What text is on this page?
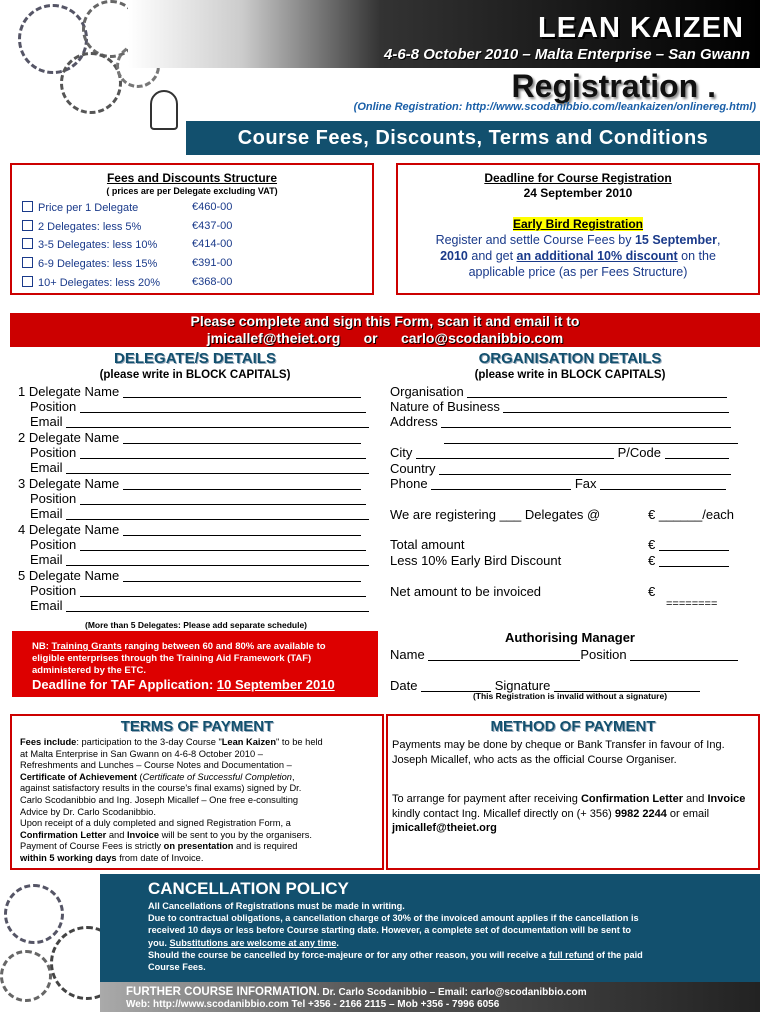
LEAN KAIZEN
4-6-8 October 2010 – Malta Enterprise – San Gwann
Registration .
(Online Registration: http://www.scodanibbio.com/leankaizen/onlinereg.html)
Course Fees, Discounts, Terms and Conditions
Fees and Discounts Structure
( prices are per Delegate excluding VAT)
Price per 1 Delegate	€460-00
2 Delegates: less 5%	€437-00
3-5 Delegates: less 10%	€414-00
6-9 Delegates: less 15%	€391-00
10+ Delegates: less 20%	€368-00
Deadline for Course Registration
24 September 2010
Early Bird Registration
Register and settle Course Fees by 15 September,
2010 and get an additional 10% discount on the
applicable price (as per Fees Structure)
Please complete and sign this Form, scan it and email it to
jmicallef@theiet.org or carlo@scodanibbio.com
DELEGATE/S DETAILS
(please write in BLOCK CAPITALS)
1 Delegate Name
Position
Email
2 Delegate Name
Position
Email
3 Delegate Name
Position
Email
4 Delegate Name
Position
Email
5 Delegate Name
Position
Email
(More than 5 Delegates: Please add separate schedule)
NB: Training Grants ranging between 60 and 80% are available to eligible enterprises through the Training Aid Framework (TAF) administered by the ETC.
Deadline for TAF Application: 10 September 2010
ORGANISATION DETAILS
(please write in BLOCK CAPITALS)
Organisation
Nature of Business
Address
City	P/Code
Country
Phone	Fax
We are registering ___ Delegates @	€ ______/each
Total amount	€
Less 10% Early Bird Discount	€
Net amount to be invoiced	€
========
Authorising Manager
Name	Position
Date	Signature
(This Registration is invalid without a signature)
TERMS OF PAYMENT
Fees include: participation to the 3-day Course "Lean Kaizen" to be held
at Malta Enterprise in San Gwann on 4-6-8 October 2010 –
Refreshments and Lunches – Course Notes and Documentation –
Certificate of Achievement (Certificate of Successful Completion,
against satisfactory results in the course's final exams) signed by Dr.
Carlo Scodanibbio and Ing. Joseph Micallef – One free e-consulting
Advice by Dr. Carlo Scodanibbio.
Upon receipt of a duly completed and signed Registration Form, a
Confirmation Letter and Invoice will be sent to you by the organisers.
Payment of Course Fees is strictly on presentation and is required
within 5 working days from date of Invoice.
METHOD OF PAYMENT
Payments may be done by cheque or Bank Transfer in favour of Ing. Joseph Micallef, who acts as the official Course Organiser.
To arrange for payment after receiving Confirmation Letter and Invoice kindly contact Ing. Micallef directly on (+ 356) 9982 2244 or email jmicallef@theiet.org
CANCELLATION POLICY
All Cancellations of Registrations must be made in writing.
Due to contractual obligations, a cancellation charge of 30% of the invoiced amount applies if the cancellation is
received 10 days or less before Course starting date. However, a complete set of documentation will be sent to
you. Substitutions are welcome at any time.
Should the course be cancelled by force-majeure or for any other reason, you will receive a full refund of the paid
Course Fees.
FURTHER COURSE INFORMATION. Dr. Carlo Scodanibbio – Email: carlo@scodanibbio.com
Web: http://www.scodanibbio.com Tel +356 - 2166 2115 – Mob +356 - 7996 6056
